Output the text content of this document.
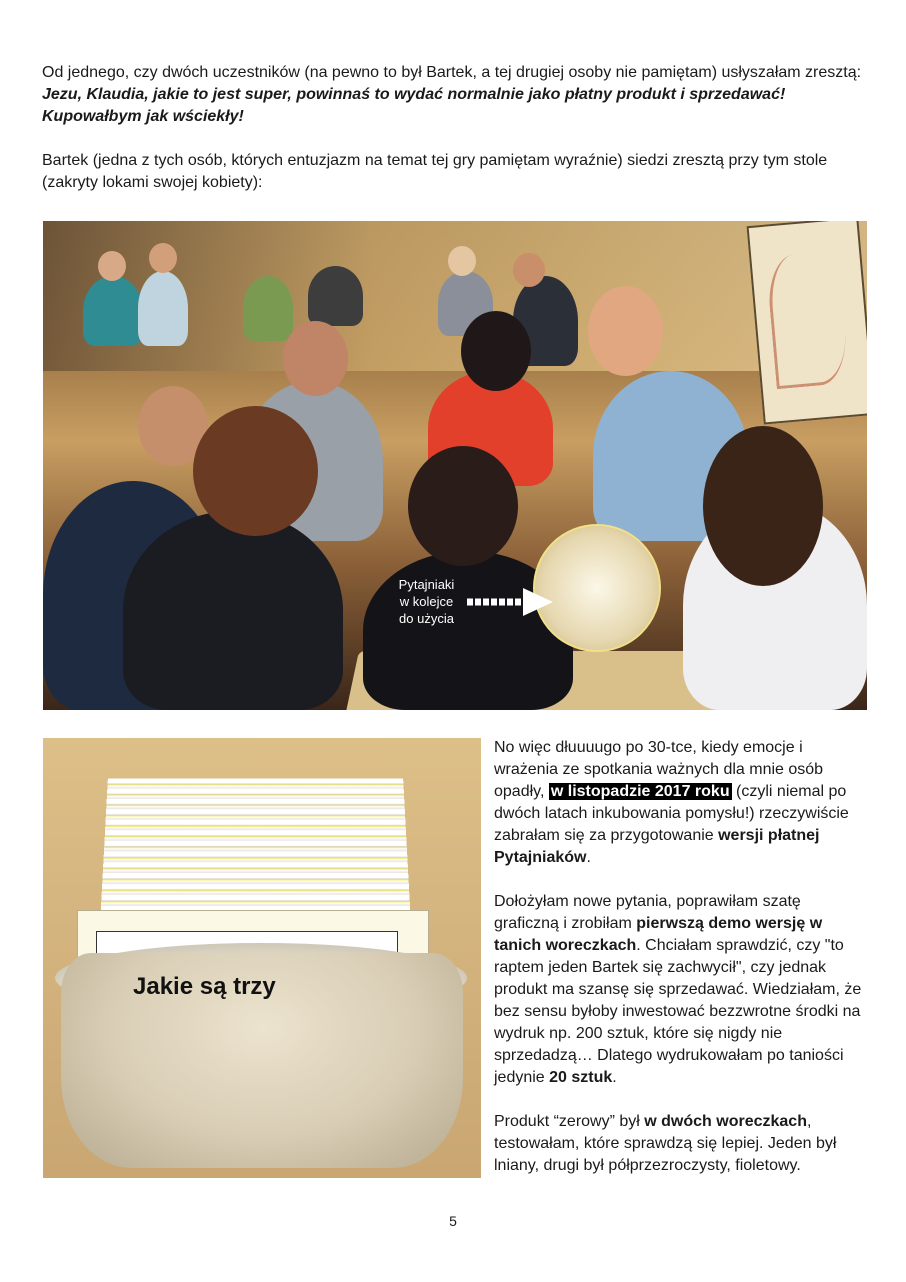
Od jednego, czy dwóch uczestników (na pewno to był Bartek, a tej drugiej osoby nie pamiętam) usłyszałam zresztą: Jezu, Klaudia, jakie to jest super, powinnaś to wydać normalnie jako płatny produkt i sprzedawać! Kupowałbym jak wściekły!

Bartek (jedna z tych osób, których entuzjazm na temat tej gry pamiętam wyraźnie) siedzi zresztą przy tym stole (zakryty lokami swojej kobiety):

Pytajniaki
w kolejce
do użycia
Jakie są trzy

No więc dłuuuugo po 30-tce, kiedy emocje i wrażenia ze spotkania ważnych dla mnie osób opadły, w listopadzie 2017 roku (czyli niemal po dwóch latach inkubowania pomysłu!) rzeczywiście zabrałam się za przygotowanie wersji płatnej Pytajniaków.

Dołożyłam nowe pytania, poprawiłam szatę graficzną i zrobiłam pierwszą demo wersję w tanich woreczkach. Chciałam sprawdzić, czy "to raptem jeden Bartek się zachwycił", czy jednak produkt ma szansę się sprzedawać. Wiedziałam, że bez sensu byłoby inwestować bezzwrotne środki na wydruk np. 200 sztuk, które się nigdy nie sprzedadzą… Dlatego wydrukowałam po taniości jedynie 20 sztuk.

Produkt “zerowy” był w dwóch woreczkach, testowałam, które sprawdzą się lepiej. Jeden był lniany, drugi był półprzezroczysty, fioletowy.

5
